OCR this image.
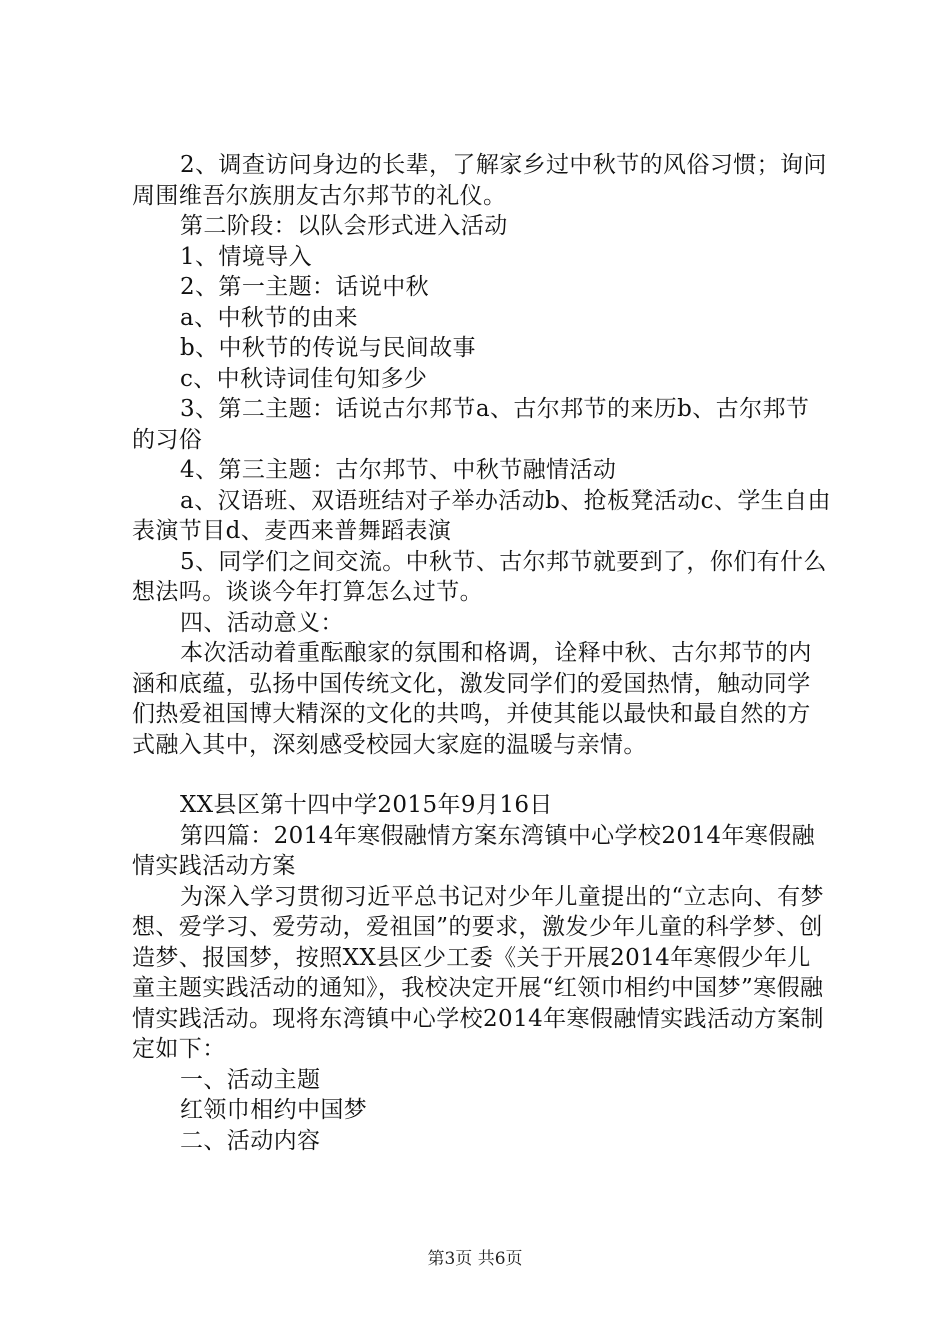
2、调查访问身边的长辈，了解家乡过中秋节的风俗习惯；询问周围维吾尔族朋友古尔邦节的礼仪。

第二阶段：以队会形式进入活动

1、情境导入

2、第一主题：话说中秋

a、中秋节的由来

b、中秋节的传说与民间故事

c、中秋诗词佳句知多少

3、第二主题：话说古尔邦节a、古尔邦节的来历b、古尔邦节的习俗

4、第三主题：古尔邦节、中秋节融情活动

a、汉语班、双语班结对子举办活动b、抢板凳活动c、学生自由表演节目d、麦西来普舞蹈表演

5、同学们之间交流。中秋节、古尔邦节就要到了，你们有什么想法吗。谈谈今年打算怎么过节。

四、活动意义：

本次活动着重酝酿家的氛围和格调，诠释中秋、古尔邦节的内涵和底蕴，弘扬中国传统文化，激发同学们的爱国热情，触动同学们热爱祖国博大精深的文化的共鸣，并使其能以最快和最自然的方式融入其中，深刻感受校园大家庭的温暖与亲情。

XX县区第十四中学2015年9月16日

第四篇：2014年寒假融情方案东湾镇中心学校2014年寒假融情实践活动方案

为深入学习贯彻习近平总书记对少年儿童提出的“立志向、有梦想、爱学习、爱劳动，爱祖国”的要求，激发少年儿童的科学梦、创造梦、报国梦，按照XX县区少工委《关于开展2014年寒假少年儿童主题实践活动的通知》，我校决定开展“红领巾相约中国梦”寒假融情实践活动。现将东湾镇中心学校2014年寒假融情实践活动方案制定如下：

一、活动主题

红领巾相约中国梦

二、活动内容

第3页 共6页
